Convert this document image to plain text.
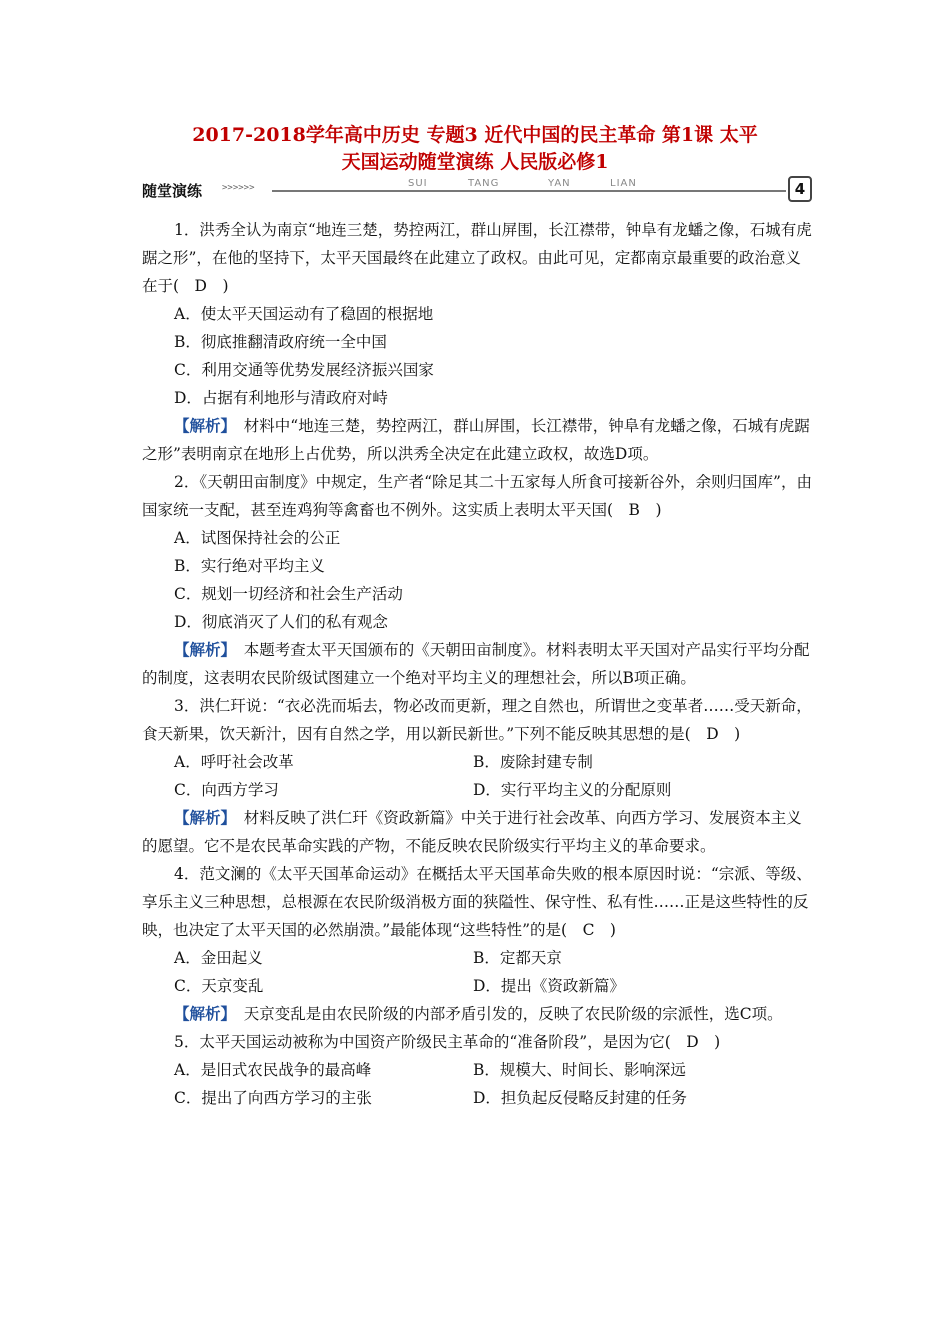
2017-2018学年高中历史 专题3 近代中国的民主革命 第1课 太平
天国运动随堂演练 人民版必修1
随堂演练 >>>>>>	SUI	TANG	YAN	LIAN	4

1．洪秀全认为南京“地连三楚，势控两江，群山屏围，长江襟带，钟阜有龙蟠之像，石城有虎踞之形”，在他的坚持下，太平天国最终在此建立了政权。由此可见，定都南京最重要的政治意义在于(　D　)

A．使太平天国运动有了稳固的根据地

B．彻底推翻清政府统一全中国

C．利用交通等优势发展经济振兴国家

D．占据有利地形与清政府对峙

【解析】　材料中“地连三楚，势控两江，群山屏围，长江襟带，钟阜有龙蟠之像，石城有虎踞之形”表明南京在地形上占优势，所以洪秀全决定在此建立政权，故选D项。

2．《天朝田亩制度》中规定，生产者“除足其二十五家每人所食可接新谷外，余则归国库”，由国家统一支配，甚至连鸡狗等禽畜也不例外。这实质上表明太平天国(　B　)

A．试图保持社会的公正

B．实行绝对平均主义

C．规划一切经济和社会生产活动

D．彻底消灭了人们的私有观念

【解析】　本题考查太平天国颁布的《天朝田亩制度》。材料表明太平天国对产品实行平均分配的制度，这表明农民阶级试图建立一个绝对平均主义的理想社会，所以B项正确。

3．洪仁玕说：“衣必洗而垢去，物必改而更新，理之自然也，所谓世之变革者……受天新命，食天新果，饮天新汁，因有自然之学，用以新民新世。”下列不能反映其思想的是(　D　)

A．呼吁社会改革	B．废除封建专制
C．向西方学习	D．实行平均主义的分配原则

【解析】　材料反映了洪仁玕《资政新篇》中关于进行社会改革、向西方学习、发展资本主义的愿望。它不是农民革命实践的产物，不能反映农民阶级实行平均主义的革命要求。

4．范文澜的《太平天国革命运动》在概括太平天国革命失败的根本原因时说：“宗派、等级、享乐主义三种思想，总根源在农民阶级消极方面的狭隘性、保守性、私有性……正是这些特性的反映，也决定了太平天国的必然崩溃。”最能体现“这些特性”的是(　C　)

A．金田起义	B．定都天京
C．天京变乱	D．提出《资政新篇》

【解析】　天京变乱是由农民阶级的内部矛盾引发的，反映了农民阶级的宗派性，选C项。

5．太平天国运动被称为中国资产阶级民主革命的“准备阶段”，是因为它(　D　)

A．是旧式农民战争的最高峰	B．规模大、时间长、影响深远
C．提出了向西方学习的主张	D．担负起反侵略反封建的任务
